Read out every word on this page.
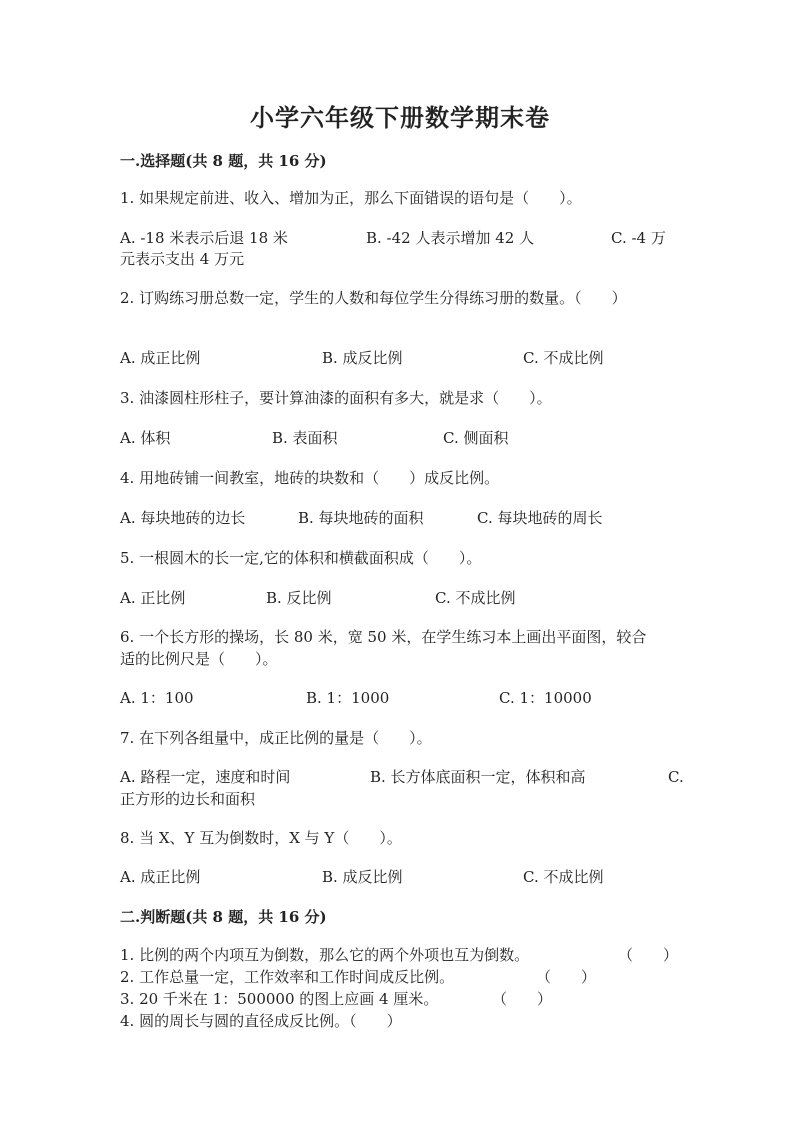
小学六年级下册数学期末卷
一.选择题(共 8 题，共 16 分)
1. 如果规定前进、收入、增加为正，那么下面错误的语句是（　　）。
A. -18 米表示后退 18 米	B. -42 人表示增加 42 人	C. -4 万
元表示支出 4 万元
2. 订购练习册总数一定，学生的人数和每位学生分得练习册的数量。（　　）
A. 成正比例	B. 成反比例	C. 不成比例
3. 油漆圆柱形柱子，要计算油漆的面积有多大，就是求（　　）。
A. 体积	B. 表面积	C. 侧面积
4. 用地砖铺一间教室，地砖的块数和（　　）成反比例。
A. 每块地砖的边长	B. 每块地砖的面积	C. 每块地砖的周长
5. 一根圆木的长一定,它的体积和横截面积成（　　）。
A. 正比例	B. 反比例	C. 不成比例
6. 一个长方形的操场，长 80 米，宽 50 米，在学生练习本上画出平面图，较合
适的比例尺是（　　）。
A. 1：100	B. 1：1000	C. 1：10000
7. 在下列各组量中，成正比例的量是（　　）。
A. 路程一定，速度和时间	B. 长方体底面积一定，体积和高	C.
正方形的边长和面积
8. 当 X、Y 互为倒数时，X 与 Y（　　）。
A. 成正比例	B. 成反比例	C. 不成比例
二.判断题(共 8 题，共 16 分)
1. 比例的两个内项互为倒数，那么它的两个外项也互为倒数。	（　　）
2. 工作总量一定，工作效率和工作时间成反比例。	（　　）
3. 20 千米在 1：500000 的图上应画 4 厘米。	（　　）
4. 圆的周长与圆的直径成反比例。（　　）
